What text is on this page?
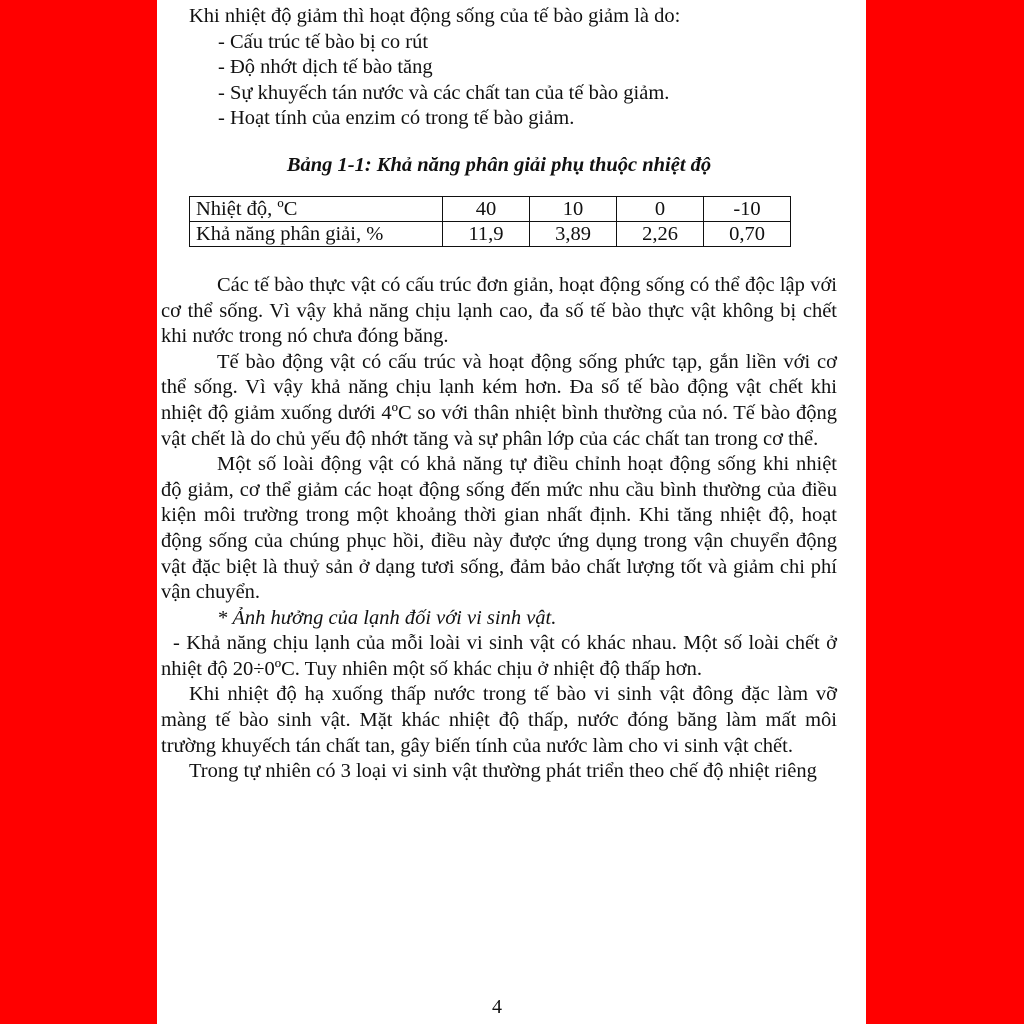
Khi nhiệt độ giảm thì hoạt động sống của tế bào giảm là do:

- Cấu trúc tế bào bị co rút

- Độ nhớt dịch tế bào tăng

- Sự khuyếch tán nước và các chất tan của tế bào giảm.

- Hoạt tính của enzim có trong tế bào giảm.

Bảng 1-1: Khả năng phân giải phụ thuộc nhiệt độ

Nhiệt độ, ºC	40	10	0	-10
Khả năng phân giải, %	11,9	3,89	2,26	0,70

Các tế bào thực vật có cấu trúc đơn giản, hoạt động sống có thể độc lập với cơ thể sống. Vì vậy khả năng chịu lạnh cao, đa số tế bào thực vật không bị chết khi nước trong nó chưa đóng băng.

Tế bào động vật có cấu trúc và hoạt động sống phức tạp, gắn liền với cơ thể sống. Vì vậy khả năng chịu lạnh kém hơn. Đa số tế bào động vật chết khi nhiệt độ giảm xuống dưới 4ºC so với thân nhiệt bình thường của nó. Tế bào động vật chết là do chủ yếu độ nhớt tăng và sự phân lớp của các chất tan trong cơ thể.

Một số loài động vật có khả năng tự điều chỉnh hoạt động sống khi nhiệt độ giảm, cơ thể giảm các hoạt động sống đến mức nhu cầu bình thường của điều kiện môi trường trong một khoảng thời gian nhất định. Khi tăng nhiệt độ, hoạt động sống của chúng phục hồi, điều này được ứng dụng trong vận chuyển động vật đặc biệt là thuỷ sản ở dạng tươi sống, đảm bảo chất lượng tốt và giảm chi phí vận chuyển.

* Ảnh hưởng của lạnh đối với vi sinh vật.

- Khả năng chịu lạnh của mỗi loài vi sinh vật có khác nhau. Một số loài chết ở nhiệt độ 20÷0ºC. Tuy nhiên một số khác chịu ở nhiệt độ thấp hơn.

Khi nhiệt độ hạ xuống thấp nước trong tế bào vi sinh vật đông đặc làm vỡ màng tế bào sinh vật. Mặt khác nhiệt độ thấp, nước đóng băng làm mất môi trường khuyếch tán chất tan, gây biến tính của nước làm cho vi sinh vật chết.

Trong tự nhiên có 3 loại vi sinh vật thường phát triển theo chế độ nhiệt riêng

4
